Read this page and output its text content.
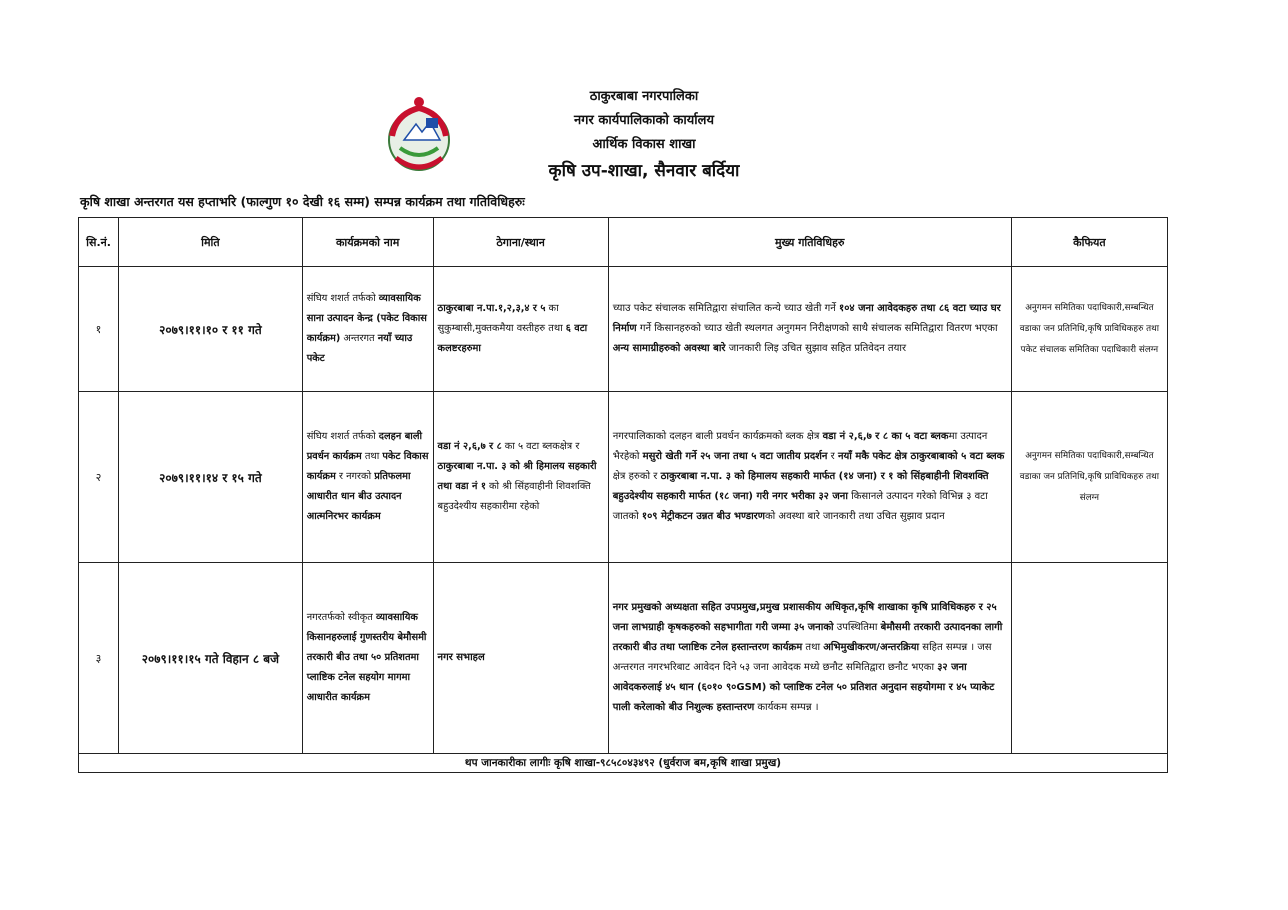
ठाकुरबाबा नगरपालिका
नगर कार्यपालिकाको कार्यालय
आर्थिक विकास शाखा
कृषि उप-शाखा, सैनवार बर्दिया
कृषि शाखा अन्तरगत यस हप्ताभरि (फाल्गुण १० देखी १६ सम्म) सम्पन्न कार्यक्रम तथा गतिविधिहरुः
सि.नं.	मिति	कार्यक्रमको नाम	ठेगाना/स्थान	मुख्य गतिविधिहरु	कैफियत
१	२०७९।११।१० र ११ गते	संघिय शशर्त तर्फको व्यावसायिक साना उत्पादन केन्द्र (पकेट विकास कार्यक्रम) अन्तरगत नयाँ च्याउ पकेट	ठाकुरबाबा न.पा.१,२,३,४ र ५ का सुकुम्बासी,मुक्तकमैया वस्तीहरु तथा ६ वटा कलष्टरहरुमा	च्याउ पकेट संचालक समितिद्वारा संचालित कन्ये च्याउ खेती गर्ने १०४ जना आवेदकहरु तथा ८६ वटा च्याउ घर निर्माण गर्ने किसानहरुको च्याउ खेती स्थलगत अनुगमन निरीक्षणको साथै संचालक समितिद्वारा वितरण भएका अन्य सामाग्रीहरुको अवस्था बारे जानकारी लिइ उचित सुझाव सहित प्रतिवेदन तयार	अनुगमन समितिका पदाधिकारी,सम्बन्धित वडाका जन प्रतिनिधि,कृषि प्राविधिकहरु तथा पकेट संचालक समितिका पदाधिकारी संलग्न
२	२०७९।११।१४ र १५ गते	संघिय शशर्त तर्फको दलहन बाली प्रवर्धन कार्यक्रम तथा पकेट विकास कार्यक्रम र नगरको प्रतिफलमा आधारीत धान बीउ उत्पादन आत्मनिरभर कार्यक्रम	वडा नं २,६,७ र ८ का ५ वटा ब्लकक्षेत्र र ठाकुरबाबा न.पा. ३ को श्री हिमालय सहकारी तथा वडा नं १ को श्री सिंहवाहीनी शिवशक्ति बहुउदेश्यीय सहकारीमा रहेको	नगरपालिकाको दलहन बाली प्रवर्धन कार्यक्रमको ब्लक क्षेत्र वडा नं २,६,७ र ८ का ५ वटा ब्लकमा उत्पादन भैरहेको मसुरो खेती गर्ने २५ जना तथा ५ वटा जातीय प्रदर्शन र नयाँ मकै पकेट क्षेत्र ठाकुरबाबाको ५ वटा ब्लक क्षेत्र हरुको र ठाकुरबाबा न.पा. ३ को हिमालय सहकारी मार्फत (१४ जना) र १ को सिंहबाहीनी शिवशक्ति बहुउदेश्यीय सहकारी मार्फत (१८ जना) गरी नगर भरीका ३२ जना किसानले उत्पादन गरेको विभिन्न ३ वटा जातको १०९ मेट्रीकटन उन्नत बीउ भण्डारणको अवस्था बारे जानकारी तथा उचित सुझाव प्रदान	अनुगमन समितिका पदाधिकारी,सम्बन्धित वडाका जन प्रतिनिधि,कृषि प्राविधिकहरु तथा संलग्न
३	२०७९।११।१५ गते विहान ८ बजे	नगरतर्फको स्वीकृत व्यावसायिक किसानहरुलाई गुणस्तरीय बेमौसमी तरकारी बीउ तथा ५० प्रतिशतमा प्लाष्टिक टनेल सहयोग मागमा आधारीत कार्यक्रम	नगर सभाहल	नगर प्रमुखको अध्यक्षता सहित उपप्रमुख,प्रमुख प्रशासकीय अधिकृत,कृषि शाखाका कृषि प्राविधिकहरु र २५ जना लाभग्राही कृषकहरुको सहभागीता गरी जम्मा ३५ जनाको उपस्थितिमा बेमौसमी तरकारी उत्पादनका लागी तरकारी बीउ तथा प्लाष्टिक टनेल हस्तान्तरण कार्यक्रम तथा अभिमुखीकरण/अन्तरक्रिया सहित सम्पन्न । जस अन्तरगत नगरभरिबाट आवेदन दिने ५३ जना आवेदक मध्ये छनौट समितिद्वारा छनौट भएका ३२ जना आवेदकरुलाई ४५ थान (६०१० ९०GSM) को प्लाष्टिक टनेल ५० प्रतिशत अनुदान सहयोगमा र ४५ प्याकेट पाली करेलाको बीउ निशुल्क हस्तान्तरण कार्यकम सम्पन्न ।	
थप जानकारीका लागीः कृषि शाखा-९८५८०४३४९२ (धुर्वराज बम,कृषि शाखा प्रमुख)					
